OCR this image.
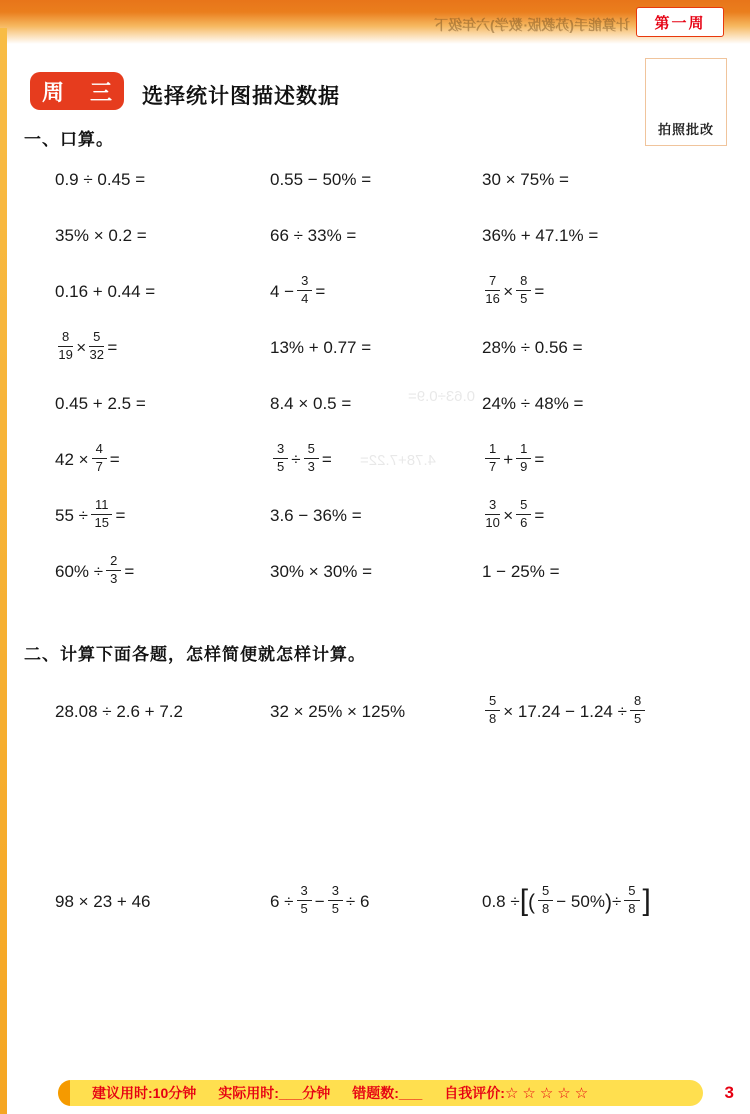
计算能手(苏教版·数学)六年级下
0.63÷0.9=
4.78+7.22=
第一周
周 三 选择统计图描述数据
拍照批改
一、口算。
0.9 ÷ 0.45 =	0.55 − 50% =	30 × 75% =
35% × 0.2 =	66 ÷ 33% =	36% + 47.1% =
0.16 + 0.44 =	$4 - \frac{3}{4}$ =	$\frac{7}{16} \times \frac{8}{5}$ =
$\frac{8}{19} \times \frac{5}{32}$ =	13% + 0.77 =	28% ÷ 0.56 =
0.45 + 2.5 =	8.4 × 0.5 =	24% ÷ 48% =
$42 \times \frac{4}{7}$ =	$\frac{3}{5} \div \frac{5}{3}$ =	$\frac{1}{7} + \frac{1}{9}$ =
$55 \div \frac{11}{15}$ =	3.6 − 36% =	$\frac{3}{10} \times \frac{5}{6}$ =
$60\% \div \frac{2}{3}$ =	30% × 30% =	1 − 25% =
二、计算下面各题，怎样简便就怎样计算。
28.08 ÷ 2.6 + 7.2	32 × 25% × 125%	$\frac{5}{8} \times 17.24 - 1.24 \div \frac{8}{5}$
98 × 23 + 46	$6 \div \frac{3}{5} - \frac{3}{5} \div 6$	0.8 ÷ [ ( $\frac{5}{8} - 50\%$ ) ÷ $\frac{5}{8}$ ]
建议用时:10分钟 实际用时:___分钟 错题数:___ 自我评价: ☆☆☆☆☆	3
